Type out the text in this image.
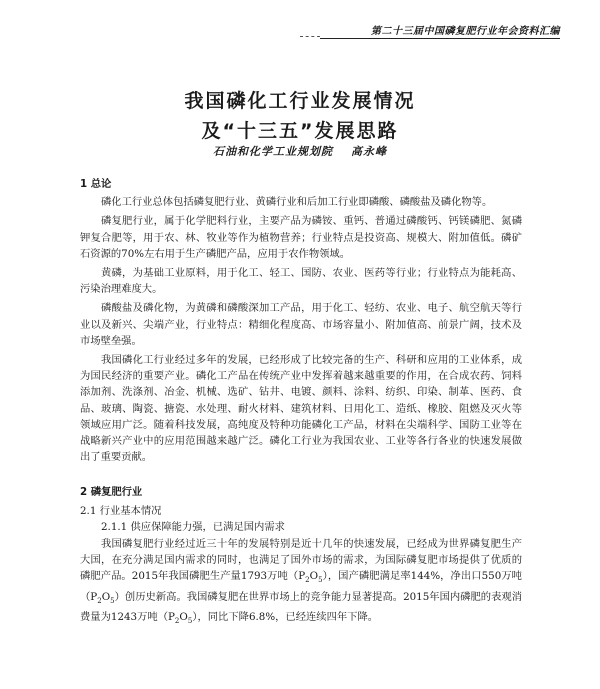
第二十三届中国磷复肥行业年会资料汇编
我国磷化工行业发展情况
及“十三五”发展思路
石油和化学工业规划院 高永峰
1 总论
磷化工行业总体包括磷复肥行业、黄磷行业和后加工行业即磷酸、磷酸盐及磷化物等。
磷复肥行业，属于化学肥料行业，主要产品为磷铵、重钙、普通过磷酸钙、钙镁磷肥、氮磷钾复合肥等，用于农、林、牧业等作为植物营养；行业特点是投资高、规模大、附加值低。磷矿石资源的70%左右用于生产磷肥产品，应用于农作物领域。
黄磷，为基础工业原料，用于化工、轻工、国防、农业、医药等行业；行业特点为能耗高、污染治理难度大。
磷酸盐及磷化物，为黄磷和磷酸深加工产品，用于化工、轻纺、农业、电子、航空航天等行业以及新兴、尖端产业，行业特点：精细化程度高、市场容量小、附加值高、前景广阔，技术及市场壁垒强。
我国磷化工行业经过多年的发展，已经形成了比较完备的生产、科研和应用的工业体系，成为国民经济的重要产业。磷化工产品在传统产业中发挥着越来越重要的作用，在合成农药、饲料添加剂、洗涤剂、冶金、机械、选矿、钻井、电镀、颜料、涂料、纺织、印染、制革、医药、食品、玻璃、陶瓷、搪瓷、水处理、耐火材料、建筑材料、日用化工、造纸、橡胶、阻燃及灭火等领域应用广泛。随着科技发展，高纯度及特种功能磷化工产品，材料在尖端科学、国防工业等在战略新兴产业中的应用范围越来越广泛。磷化工行业为我国农业、工业等各行各业的快速发展做出了重要贡献。
2 磷复肥行业
2.1 行业基本情况
2.1.1 供应保障能力强，已满足国内需求
我国磷复肥行业经过近三十年的发展特别是近十几年的快速发展，已经成为世界磷复肥生产大国，在充分满足国内需求的同时，也满足了国外市场的需求，为国际磷复肥市场提供了优质的磷肥产品。2015年我国磷肥生产量1793万吨$(P_2O_5)$，国产磷肥满足率144%，净出口550万吨$(P_2O_5)$创历史新高。我国磷复肥在世界市场上的竞争能力显著提高。2015年国内磷肥的表观消费量为1243万吨$(P_2O_5)$，同比下降6.8%，已经连续四年下降。
